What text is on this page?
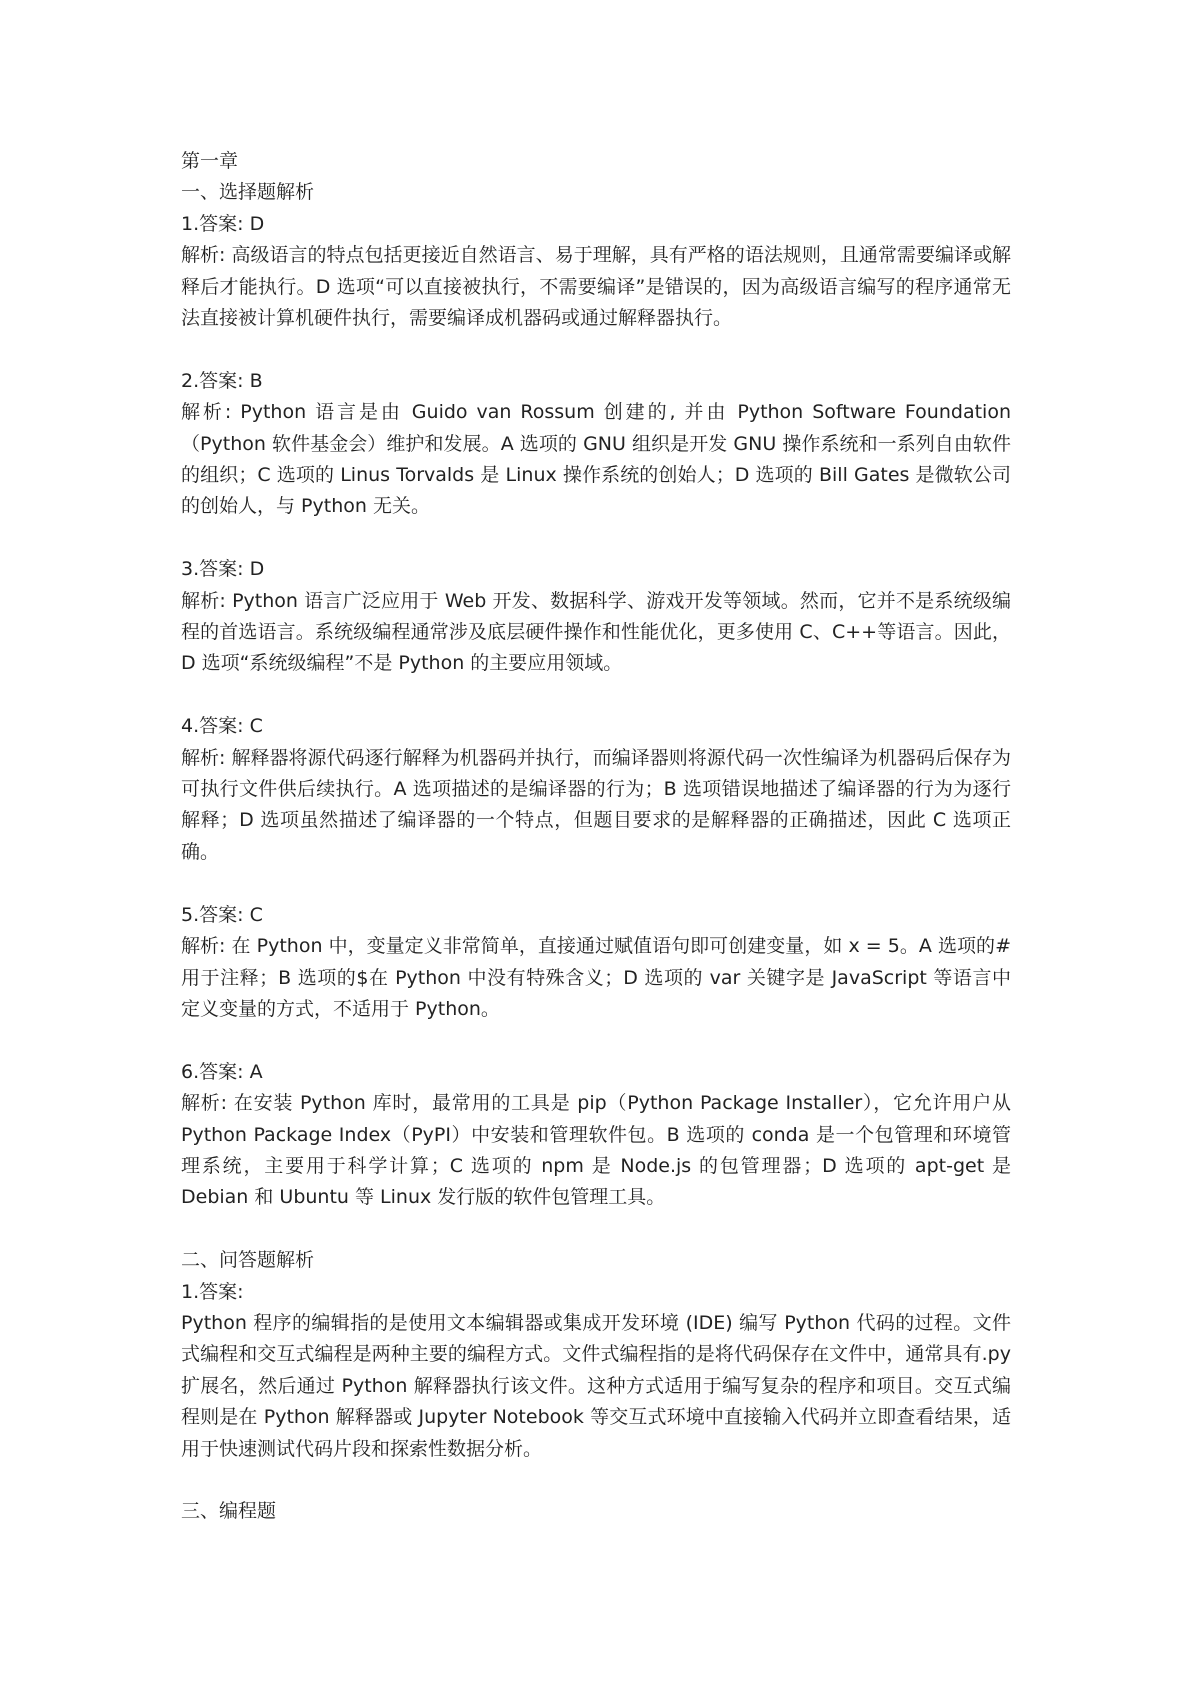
第一章

一、选择题解析

1.答案: D

解析: 高级语言的特点包括更接近自然语言、易于理解，具有严格的语法规则，且通常需要编译或解释后才能执行。D 选项“可以直接被执行，不需要编译”是错误的，因为高级语言编写的程序通常无法直接被计算机硬件执行，需要编译成机器码或通过解释器执行。

2.答案: B

解析: Python 语言是由 Guido van Rossum 创建的, 并由 Python Software Foundation（Python 软件基金会）维护和发展。A 选项的 GNU 组织是开发 GNU 操作系统和一系列自由软件的组织；C 选项的 Linus Torvalds 是 Linux 操作系统的创始人；D 选项的 Bill Gates 是微软公司的创始人，与 Python 无关。

3.答案: D

解析: Python 语言广泛应用于 Web 开发、数据科学、游戏开发等领域。然而，它并不是系统级编程的首选语言。系统级编程通常涉及底层硬件操作和性能优化，更多使用 C、C++等语言。因此，D 选项“系统级编程”不是 Python 的主要应用领域。

4.答案: C

解析: 解释器将源代码逐行解释为机器码并执行，而编译器则将源代码一次性编译为机器码后保存为可执行文件供后续执行。A 选项描述的是编译器的行为；B 选项错误地描述了编译器的行为为逐行解释；D 选项虽然描述了编译器的一个特点，但题目要求的是解释器的正确描述，因此 C 选项正确。

5.答案: C

解析: 在 Python 中，变量定义非常简单，直接通过赋值语句即可创建变量，如 x = 5。A 选项的#用于注释；B 选项的$在 Python 中没有特殊含义；D 选项的 var 关键字是 JavaScript 等语言中定义变量的方式，不适用于 Python。

6.答案: A

解析: 在安装 Python 库时，最常用的工具是 pip（Python Package Installer），它允许用户从 Python Package Index（PyPI）中安装和管理软件包。B 选项的 conda 是一个包管理和环境管理系统，主要用于科学计算；C 选项的 npm 是 Node.js 的包管理器；D 选项的 apt-get 是 Debian 和 Ubuntu 等 Linux 发行版的软件包管理工具。

二、问答题解析

1.答案:

Python 程序的编辑指的是使用文本编辑器或集成开发环境 (IDE) 编写 Python 代码的过程。文件式编程和交互式编程是两种主要的编程方式。文件式编程指的是将代码保存在文件中，通常具有.py 扩展名，然后通过 Python 解释器执行该文件。这种方式适用于编写复杂的程序和项目。交互式编程则是在 Python 解释器或 Jupyter Notebook 等交互式环境中直接输入代码并立即查看结果，适用于快速测试代码片段和探索性数据分析。

三、编程题
